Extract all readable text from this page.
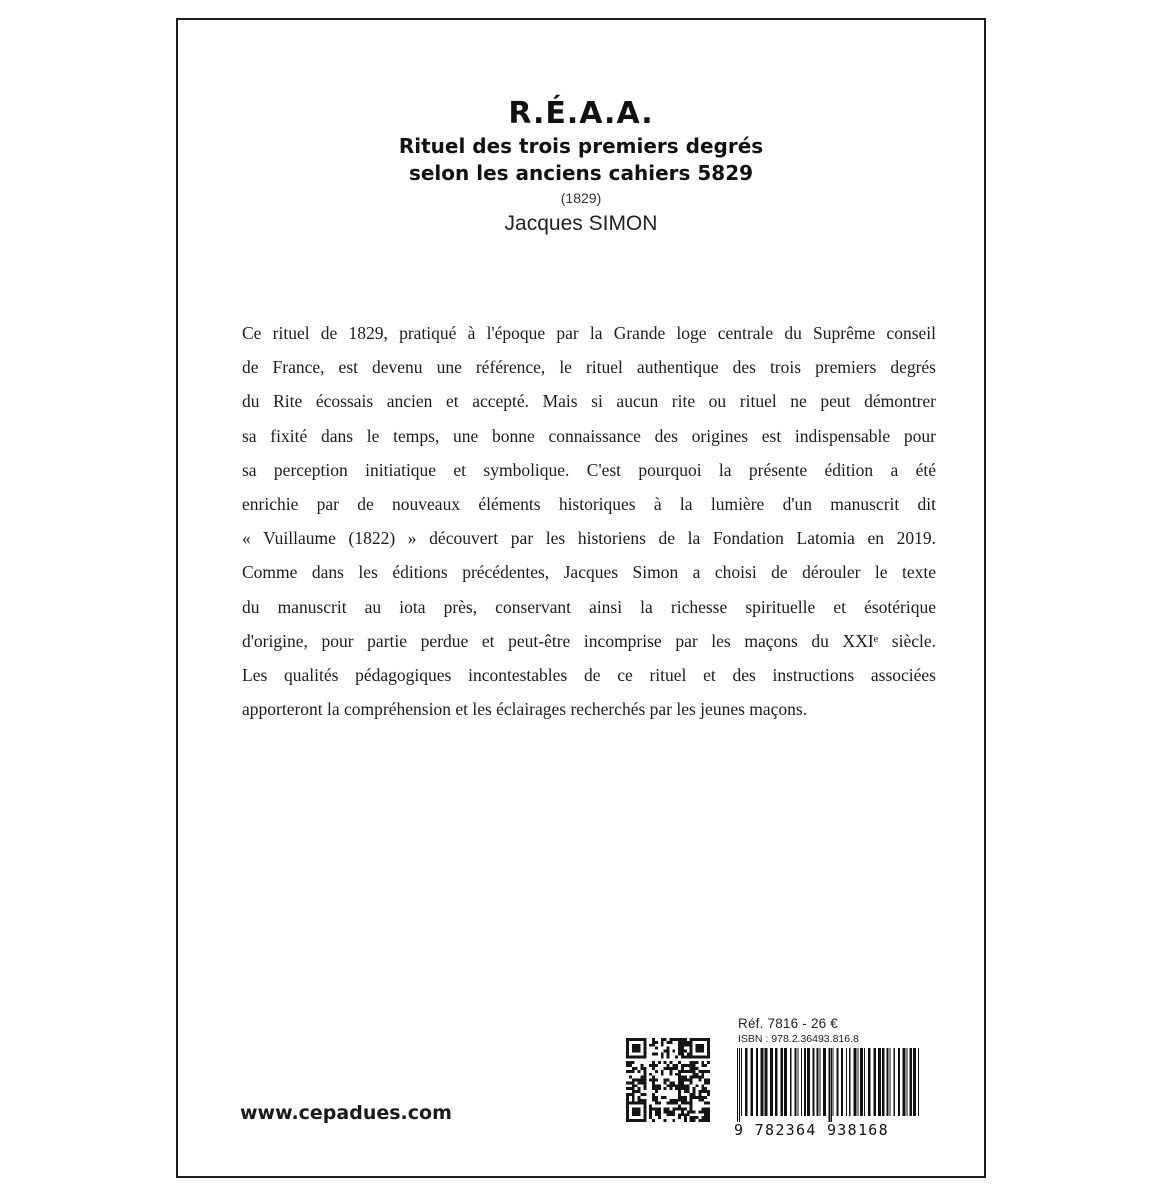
R.É.A.A.
Rituel des trois premiers degrés
selon les anciens cahiers 5829
(1829)
Jacques SIMON

Ce rituel de 1829, pratiqué à l'époque par la Grande loge centrale du Suprême conseil
de France, est devenu une référence, le rituel authentique des trois premiers degrés
du Rite écossais ancien et accepté. Mais si aucun rite ou rituel ne peut démontrer
sa fixité dans le temps, une bonne connaissance des origines est indispensable pour
sa perception initiatique et symbolique. C'est pourquoi la présente édition a été
enrichie par de nouveaux éléments historiques à la lumière d'un manuscrit dit
« Vuillaume (1822) » découvert par les historiens de la Fondation Latomia en 2019.
Comme dans les éditions précédentes, Jacques Simon a choisi de dérouler le texte
du manuscrit au iota près, conservant ainsi la richesse spirituelle et ésotérique
d'origine, pour partie perdue et peut-être incomprise par les maçons du XXIᵉ siècle.
Les qualités pédagogiques incontestables de ce rituel et des instructions associées
apporteront la compréhension et les éclairages recherchés par les jeunes maçons.

www.cepadues.com
Réf. 7816 - 26 €
ISBN : 978.2.36493.816.8
9 782364 938168
